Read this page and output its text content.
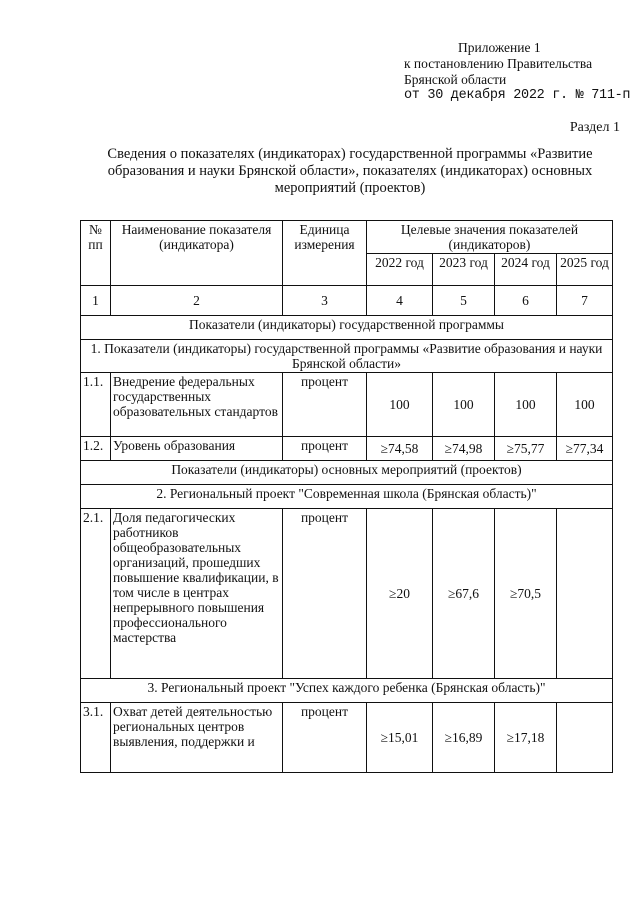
Приложение 1
к постановлению Правительства
Брянской области
от 30 декабря 2022 г. № 711-п
Раздел 1
Сведения о показателях (индикаторах) государственной программы «Развитие образования и науки Брянской области», показателях (индикаторах) основных мероприятий (проектов)
№ пп	Наименование показателя (индикатора)	Единица измерения	Целевые значения показателей (индикаторов)			
			2022 год	2023 год	2024 год	2025 год
1	2	3	4	5	6	7
Показатели (индикаторы) государственной программы						
1. Показатели (индикаторы) государственной программы «Развитие образования и науки Брянской области»						
1.1.	Внедрение федеральных государственных образовательных стандартов	процент	100	100	100	100
1.2.	Уровень образования	процент	≥74,58	≥74,98	≥75,77	≥77,34
Показатели (индикаторы) основных мероприятий (проектов)						
2. Региональный проект "Современная школа (Брянская область)"						
2.1.	Доля педагогических работников общеобразовательных организаций, прошедших повышение квалификации, в том числе в центрах непрерывного повышения профессионального мастерства	процент	≥20	≥67,6	≥70,5	
3. Региональный проект "Успех каждого ребенка (Брянская область)"						
3.1.	Охват детей деятельностью региональных центров выявления, поддержки и	процент	≥15,01	≥16,89	≥17,18	
